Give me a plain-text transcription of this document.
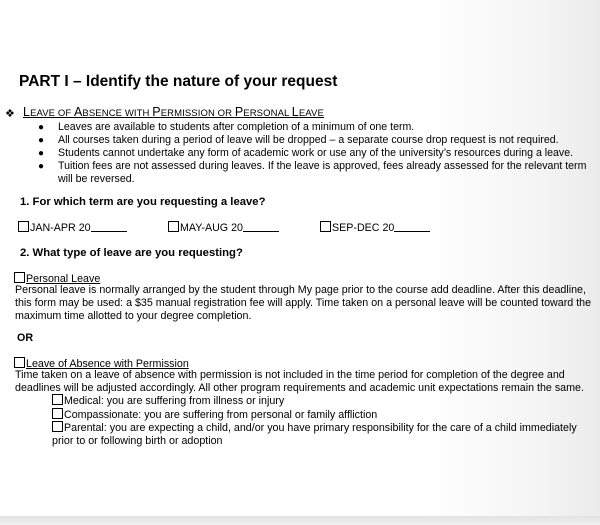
PART I – Identify the nature of your request
❖ LEAVE OF ABSENCE WITH PERMISSION OR PERSONAL LEAVE
●	Leaves are available to students after completion of a minimum of one term.
●	All courses taken during a period of leave will be dropped – a separate course drop request is not required.
●	Students cannot undertake any form of academic work or use any of the university’s resources during a leave.
●	Tuition fees are not assessed during leaves. If the leave is approved, fees already assessed for the relevant term
will be reversed.
1. For which term are you requesting a leave?
JAN-APR 20	MAY-AUG 20	SEP-DEC 20
2. What type of leave are you requesting?
Personal Leave
Personal leave is normally arranged by the student through My page prior to the course add deadline. After this deadline,
this form may be used: a $35 manual registration fee will apply. Time taken on a personal leave will be counted toward the
maximum time allotted to your degree completion.
OR
Leave of Absence with Permission
Time taken on a leave of absence with permission is not included in the time period for completion of the degree and
deadlines will be adjusted accordingly. All other program requirements and academic unit expectations remain the same.
Medical: you are suffering from illness or injury
Compassionate: you are suffering from personal or family affliction
Parental: you are expecting a child, and/or you have primary responsibility for the care of a child immediately
prior to or following birth or adoption
